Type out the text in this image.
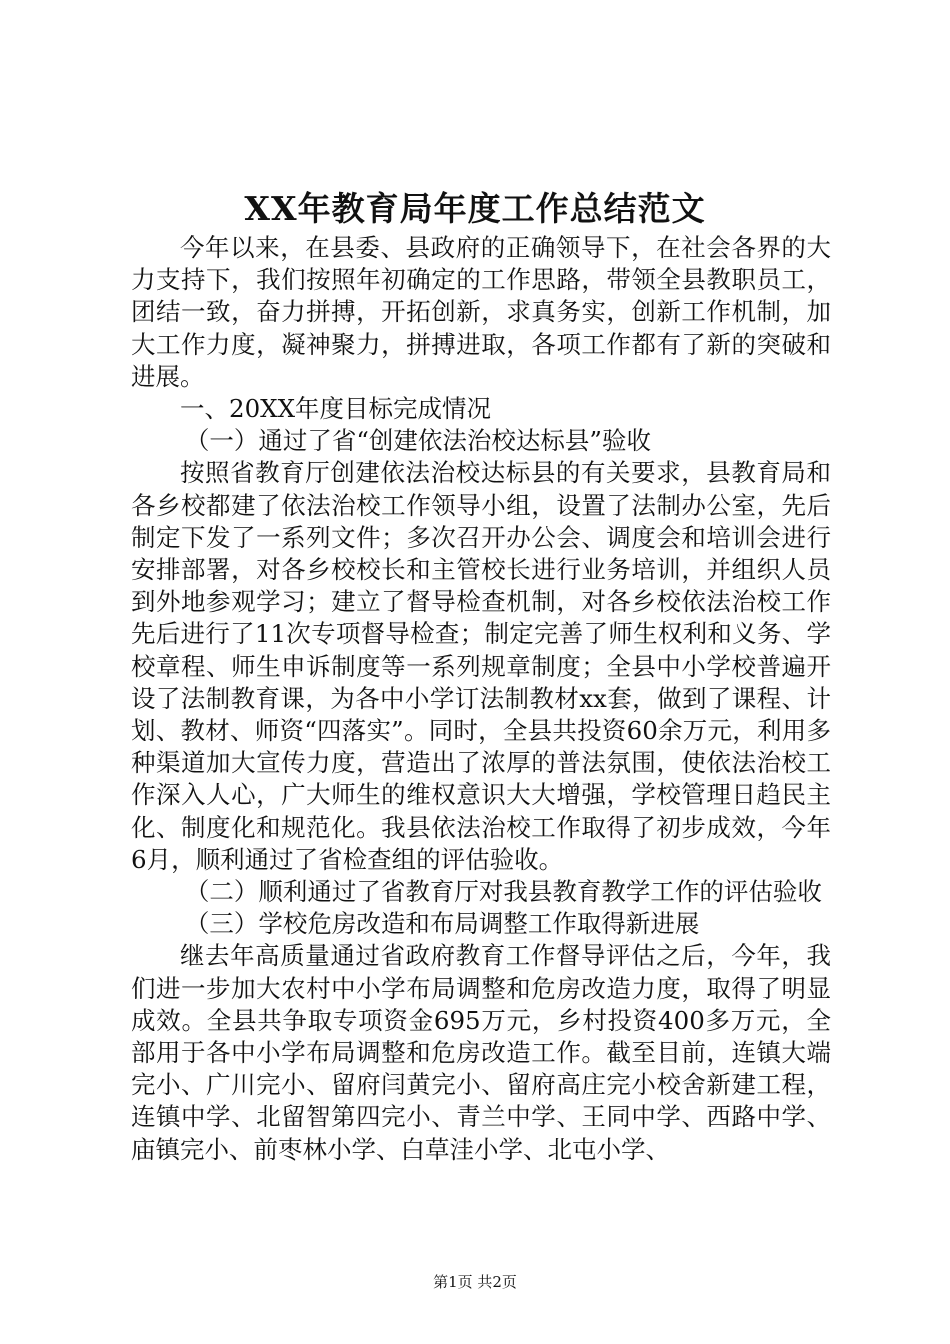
XX年教育局年度工作总结范文

今年以来，在县委、县政府的正确领导下，在社会各界的大力支持下，我们按照年初确定的工作思路，带领全县教职员工，团结一致，奋力拼搏，开拓创新，求真务实，创新工作机制，加大工作力度，凝神聚力，拼搏进取，各项工作都有了新的突破和进展。

一、20XX年度目标完成情况

（一）通过了省“创建依法治校达标县”验收

按照省教育厅创建依法治校达标县的有关要求，县教育局和各乡校都建了依法治校工作领导小组，设置了法制办公室，先后制定下发了一系列文件；多次召开办公会、调度会和培训会进行安排部署，对各乡校校长和主管校长进行业务培训，并组织人员到外地参观学习；建立了督导检查机制，对各乡校依法治校工作先后进行了11次专项督导检查；制定完善了师生权利和义务、学校章程、师生申诉制度等一系列规章制度；全县中小学校普遍开设了法制教育课，为各中小学订法制教材xx套，做到了课程、计划、教材、师资“四落实”。同时，全县共投资60余万元，利用多种渠道加大宣传力度，营造出了浓厚的普法氛围，使依法治校工作深入人心，广大师生的维权意识大大增强，学校管理日趋民主化、制度化和规范化。我县依法治校工作取得了初步成效，今年6月，顺利通过了省检查组的评估验收。

（二）顺利通过了省教育厅对我县教育教学工作的评估验收

（三）学校危房改造和布局调整工作取得新进展

继去年高质量通过省政府教育工作督导评估之后，今年，我们进一步加大农村中小学布局调整和危房改造力度，取得了明显成效。全县共争取专项资金695万元，乡村投资400多万元，全部用于各中小学布局调整和危房改造工作。截至目前，连镇大端完小、广川完小、留府闫黄完小、留府高庄完小校舍新建工程，连镇中学、北留智第四完小、青兰中学、王同中学、西路中学、庙镇完小、前枣林小学、白草洼小学、北屯小学、

第1页 共2页
